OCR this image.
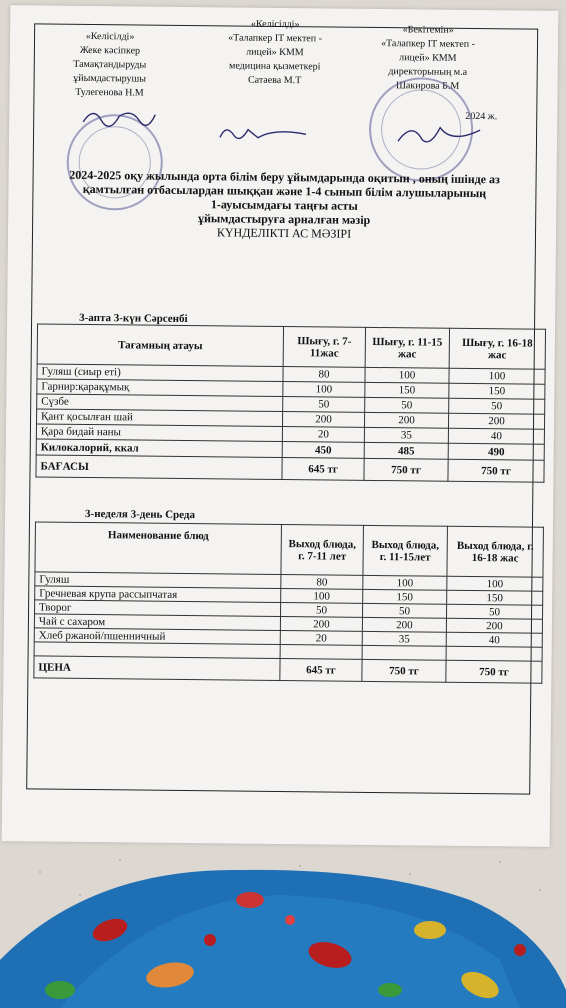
«Келісілді»
Жеке кәсіпкер
Тамақтандыруды
ұйымдастырушы
Тулегенова Н.М
«Келісілді»
«Талапкер IT мектеп -
лицей» КММ
медицина қызметкері
Сатаева М.Т
«Бекітемін»
«Талапкер IT мектеп -
лицей» КММ
директорының м.а
Шакирова Б.М
2024 ж.
2024-2025 оқу жылында орта білім беру ұйымдарында оқитын , оның ішінде аз
қамтылған отбасылардан шыққан және 1-4 сынып білім алушыларының
1-ауысымдағы таңғы асты
ұйымдастыруға арналған мәзір
КҮНДЕЛІКТІ АС МӘЗІРІ
3-апта 3-күн Сәрсенбі
Тағамның атауы	Шығу, г. 7-11жас	Шығу, г. 11-15 жас	Шығу, г. 16-18 жас
Гуляш (сиыр еті)	80	100	100
Гарнир:қарақұмық	100	150	150
Сүзбе	50	50	50
Қант қосылған шай	200	200	200
Қара бидай наны	20	35	40
Килокалорий, ккал	450	485	490
БАҒАСЫ	645 тг	750 тг	750 тг
3-неделя 3-день Среда
Наименование блюд	Выход блюда, г. 7-11 лет	Выход блюда, г. 11-15лет	Выход блюда, г. 16-18 жас
Гуляш	80	100	100
Гречневая крупа рассыпчатая	100	150	150
Творог	50	50	50
Чай с сахаром	200	200	200
Хлеб ржаной/пшенничный	20	35	40

ЦЕНА	645 тг	750 тг	750 тг
